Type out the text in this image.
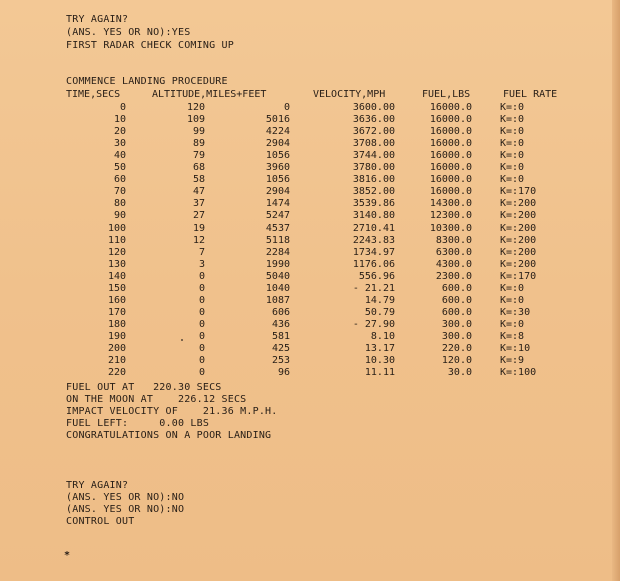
TRY AGAIN?
(ANS. YES OR NO):YES
FIRST RADAR CHECK COMING UP
COMMENCE LANDING PROCEDURE
TIME,SECS	ALTITUDE,MILES+FEET	VELOCITY,MPH	FUEL,LBS	FUEL RATE
0	120	0	3600.00	16000.0	K=:0
10	109	5016	3636.00	16000.0	K=:0
20	99	4224	3672.00	16000.0	K=:0
30	89	2904	3708.00	16000.0	K=:0
40	79	1056	3744.00	16000.0	K=:0
50	68	3960	3780.00	16000.0	K=:0
60	58	1056	3816.00	16000.0	K=:0
70	47	2904	3852.00	16000.0	K=:170
80	37	1474	3539.86	14300.0	K=:200
90	27	5247	3140.80	12300.0	K=:200
100	19	4537	2710.41	10300.0	K=:200
110	12	5118	2243.83	8300.0	K=:200
120	7	2284	1734.97	6300.0	K=:200
130	3	1990	1176.06	4300.0	K=:200
140	0	5040	556.96	2300.0	K=:170
150	0	1040	- 21.21	600.0	K=:0
160	0	1087	14.79	600.0	K=:0
170	0	606	50.79	600.0	K=:30
180	0	436	- 27.90	300.0	K=:0
190	0	581	8.10	300.0	K=:8
200	0	425	13.17	220.0	K=:10
210	0	253	10.30	120.0	K=:9
220	0	96	11.11	30.0	K=:100
FUEL OUT AT   220.30 SECS
ON THE MOON AT    226.12 SECS
IMPACT VELOCITY OF    21.36 M.P.H.
FUEL LEFT:     0.00 LBS
CONGRATULATIONS ON A POOR LANDING
TRY AGAIN?
(ANS. YES OR NO):NO
(ANS. YES OR NO):NO
CONTROL OUT
*
